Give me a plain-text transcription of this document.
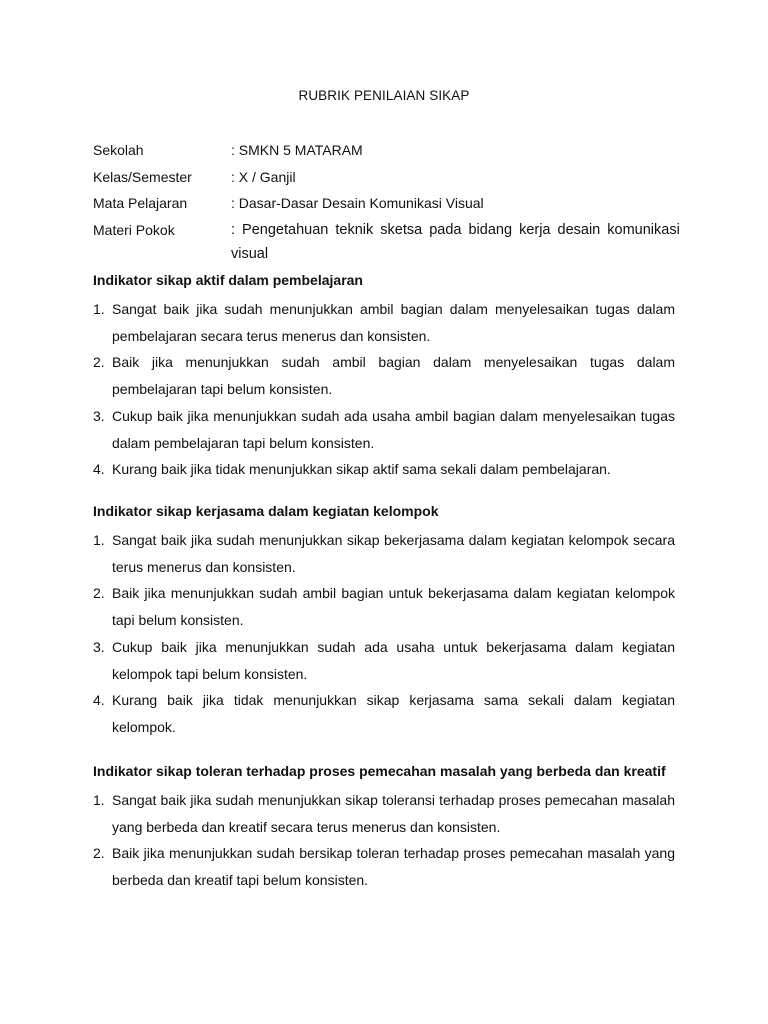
RUBRIK PENILAIAN SIKAP
Sekolah	: SMKN 5 MATARAM
Kelas/Semester	: X / Ganjil
Mata Pelajaran	: Dasar-Dasar Desain Komunikasi Visual
Materi Pokok	: Pengetahuan teknik sketsa pada bidang kerja desain komunikasi visual
Indikator sikap aktif dalam pembelajaran
1. Sangat baik jika sudah menunjukkan ambil bagian dalam menyelesaikan tugas dalam pembelajaran secara terus menerus dan konsisten.
2. Baik jika menunjukkan sudah ambil bagian dalam menyelesaikan tugas dalam pembelajaran tapi belum konsisten.
3. Cukup baik jika menunjukkan sudah ada usaha ambil bagian dalam menyelesaikan tugas dalam pembelajaran tapi belum konsisten.
4. Kurang baik jika tidak menunjukkan sikap aktif sama sekali dalam pembelajaran.
Indikator sikap kerjasama dalam kegiatan kelompok
1. Sangat baik jika sudah menunjukkan sikap bekerjasama dalam kegiatan kelompok secara terus menerus dan konsisten.
2. Baik jika menunjukkan sudah ambil bagian untuk bekerjasama dalam kegiatan kelompok tapi belum konsisten.
3. Cukup baik jika menunjukkan sudah ada usaha untuk bekerjasama dalam kegiatan kelompok tapi belum konsisten.
4. Kurang baik jika tidak menunjukkan sikap kerjasama sama sekali dalam kegiatan kelompok.
Indikator sikap toleran terhadap proses pemecahan masalah yang berbeda dan kreatif
1. Sangat baik jika sudah menunjukkan sikap toleransi terhadap proses pemecahan masalah yang berbeda dan kreatif secara terus menerus dan konsisten.
2. Baik jika menunjukkan sudah bersikap toleran terhadap proses pemecahan masalah yang berbeda dan kreatif tapi belum konsisten.
